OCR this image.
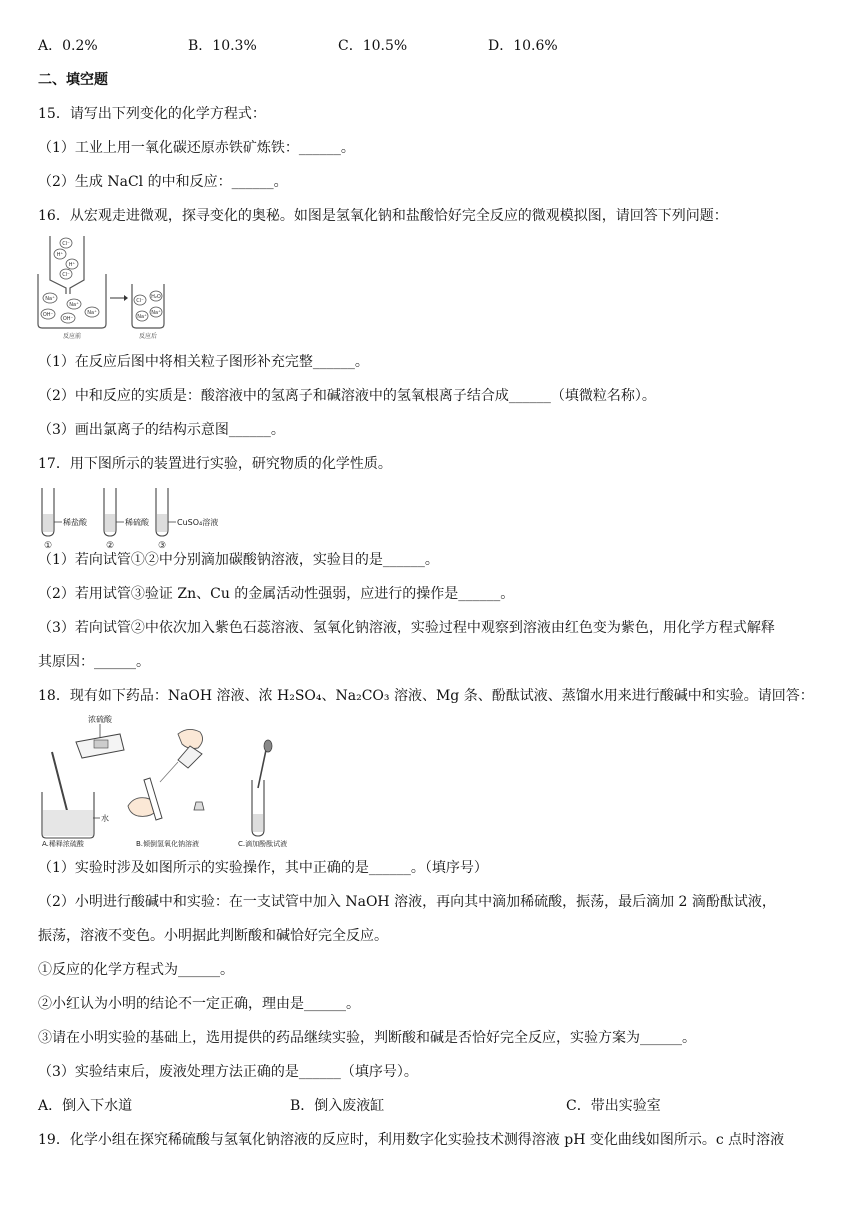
A．0.2%	B．10.3%	C．10.5%	D．10.6%
二、填空题
15．请写出下列变化的化学方程式：
（1）工业上用一氧化碳还原赤铁矿炼铁：______。
（2）生成 NaCl 的中和反应：______。
16．从宏观走进微观，探寻变化的奥秘。如图是氢氧化钠和盐酸恰好完全反应的微观模拟图，请回答下列问题：
Cl⁻
H⁺
H⁺
Cl⁻
Na⁺
Na⁺
OH⁻
OH⁻
Na⁺
反应前
Cl⁻
H₂O
Na⁺
Na⁺
反应后
（1）在反应后图中将相关粒子图形补充完整______。
（2）中和反应的实质是：酸溶液中的氢离子和碱溶液中的氢氧根离子结合成______（填微粒名称）。
（3）画出氯离子的结构示意图______。
17．用下图所示的装置进行实验，研究物质的化学性质。
稀盐酸
①
稀硫酸
②
CuSO₄溶液
③
（1）若向试管①②中分别滴加碳酸钠溶液，实验目的是______。
（2）若用试管③验证 Zn、Cu 的金属活动性强弱，应进行的操作是______。
（3）若向试管②中依次加入紫色石蕊溶液、氢氧化钠溶液，实验过程中观察到溶液由红色变为紫色，用化学方程式解释
其原因：______。
18．现有如下药品：NaOH 溶液、浓 H₂SO₄、Na₂CO₃ 溶液、Mg 条、酚酞试液、蒸馏水用来进行酸碱中和实验。请回答：
浓硫酸
水
A.稀释浓硫酸	B.倾倒氢氧化钠溶液	C.滴加酚酞试液
（1）实验时涉及如图所示的实验操作，其中正确的是______。（填序号）
（2）小明进行酸碱中和实验：在一支试管中加入 NaOH 溶液，再向其中滴加稀硫酸，振荡，最后滴加 2 滴酚酞试液，
振荡，溶液不变色。小明据此判断酸和碱恰好完全反应。
①反应的化学方程式为______。
②小红认为小明的结论不一定正确，理由是______。
③请在小明实验的基础上，选用提供的药品继续实验，判断酸和碱是否恰好完全反应，实验方案为______。
（3）实验结束后，废液处理方法正确的是______（填序号）。
A．倒入下水道	B．倒入废液缸	C．带出实验室
19．化学小组在探究稀硫酸与氢氧化钠溶液的反应时，利用数字化实验技术测得溶液 pH 变化曲线如图所示。c 点时溶液
